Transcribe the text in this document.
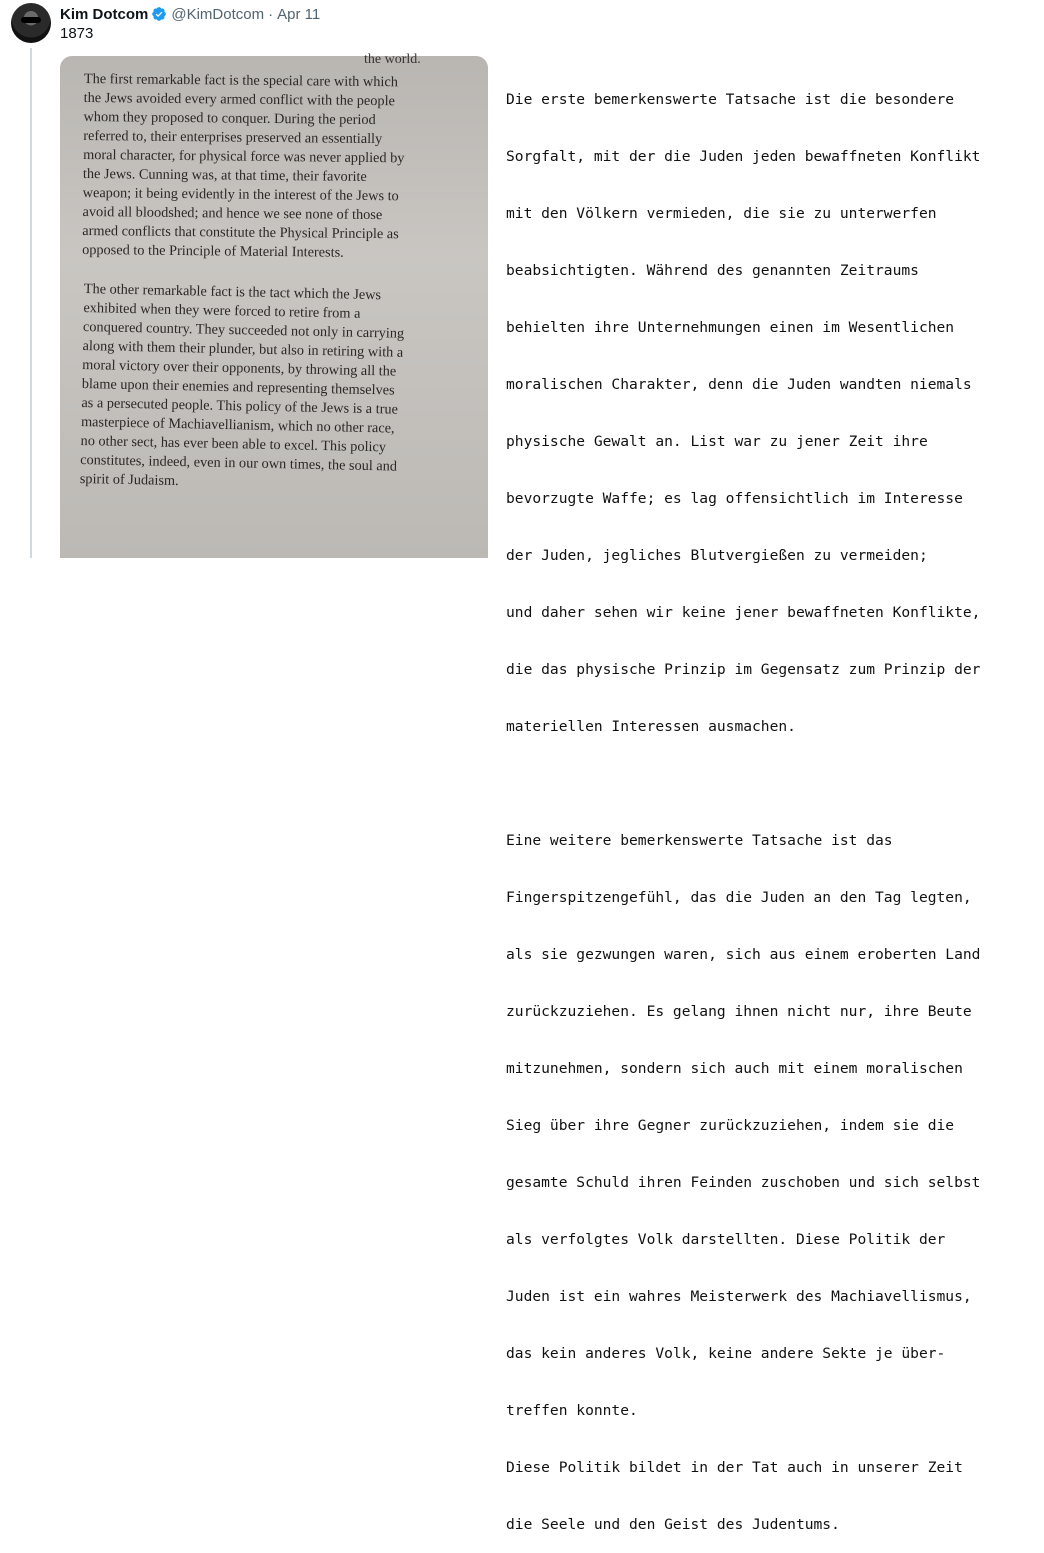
Kim Dotcom @KimDotcom · Apr 11
1873
the world.

The first remarkable fact is the special care with which
the Jews avoided every armed conflict with the people
whom they proposed to conquer. During the period
referred to, their enterprises preserved an essentially
moral character, for physical force was never applied by
the Jews. Cunning was, at that time, their favorite
weapon; it being evidently in the interest of the Jews to
avoid all bloodshed; and hence we see none of those
armed conflicts that constitute the Physical Principle as
opposed to the Principle of Material Interests.

The other remarkable fact is the tact which the Jews
exhibited when they were forced to retire from a
conquered country. They succeeded not only in carrying
along with them their plunder, but also in retiring with a
moral victory over their opponents, by throwing all the
blame upon their enemies and representing themselves
as a persecuted people. This policy of the Jews is a true
masterpiece of Machiavellianism, which no other race,
no other sect, has ever been able to excel. This policy
constitutes, indeed, even in our own times, the soul and
spirit of Judaism.

Die erste bemerkenswerte Tatsache ist die besondere

Sorgfalt, mit der die Juden jeden bewaffneten Konflikt

mit den Völkern vermieden, die sie zu unterwerfen

beabsichtigten. Während des genannten Zeitraums

behielten ihre Unternehmungen einen im Wesentlichen

moralischen Charakter, denn die Juden wandten niemals

physische Gewalt an. List war zu jener Zeit ihre

bevorzugte Waffe; es lag offensichtlich im Interesse

der Juden, jegliches Blutvergießen zu vermeiden;

und daher sehen wir keine jener bewaffneten Konflikte,

die das physische Prinzip im Gegensatz zum Prinzip der

materiellen Interessen ausmachen.

Eine weitere bemerkenswerte Tatsache ist das

Fingerspitzengefühl, das die Juden an den Tag legten,

als sie gezwungen waren, sich aus einem eroberten Land

zurückzuziehen. Es gelang ihnen nicht nur, ihre Beute

mitzunehmen, sondern sich auch mit einem moralischen

Sieg über ihre Gegner zurückzuziehen, indem sie die

gesamte Schuld ihren Feinden zuschoben und sich selbst

als verfolgtes Volk darstellten. Diese Politik der

Juden ist ein wahres Meisterwerk des Machiavellismus,

das kein anderes Volk, keine andere Sekte je über-

treffen konnte.

Diese Politik bildet in der Tat auch in unserer Zeit

die Seele und den Geist des Judentums.
